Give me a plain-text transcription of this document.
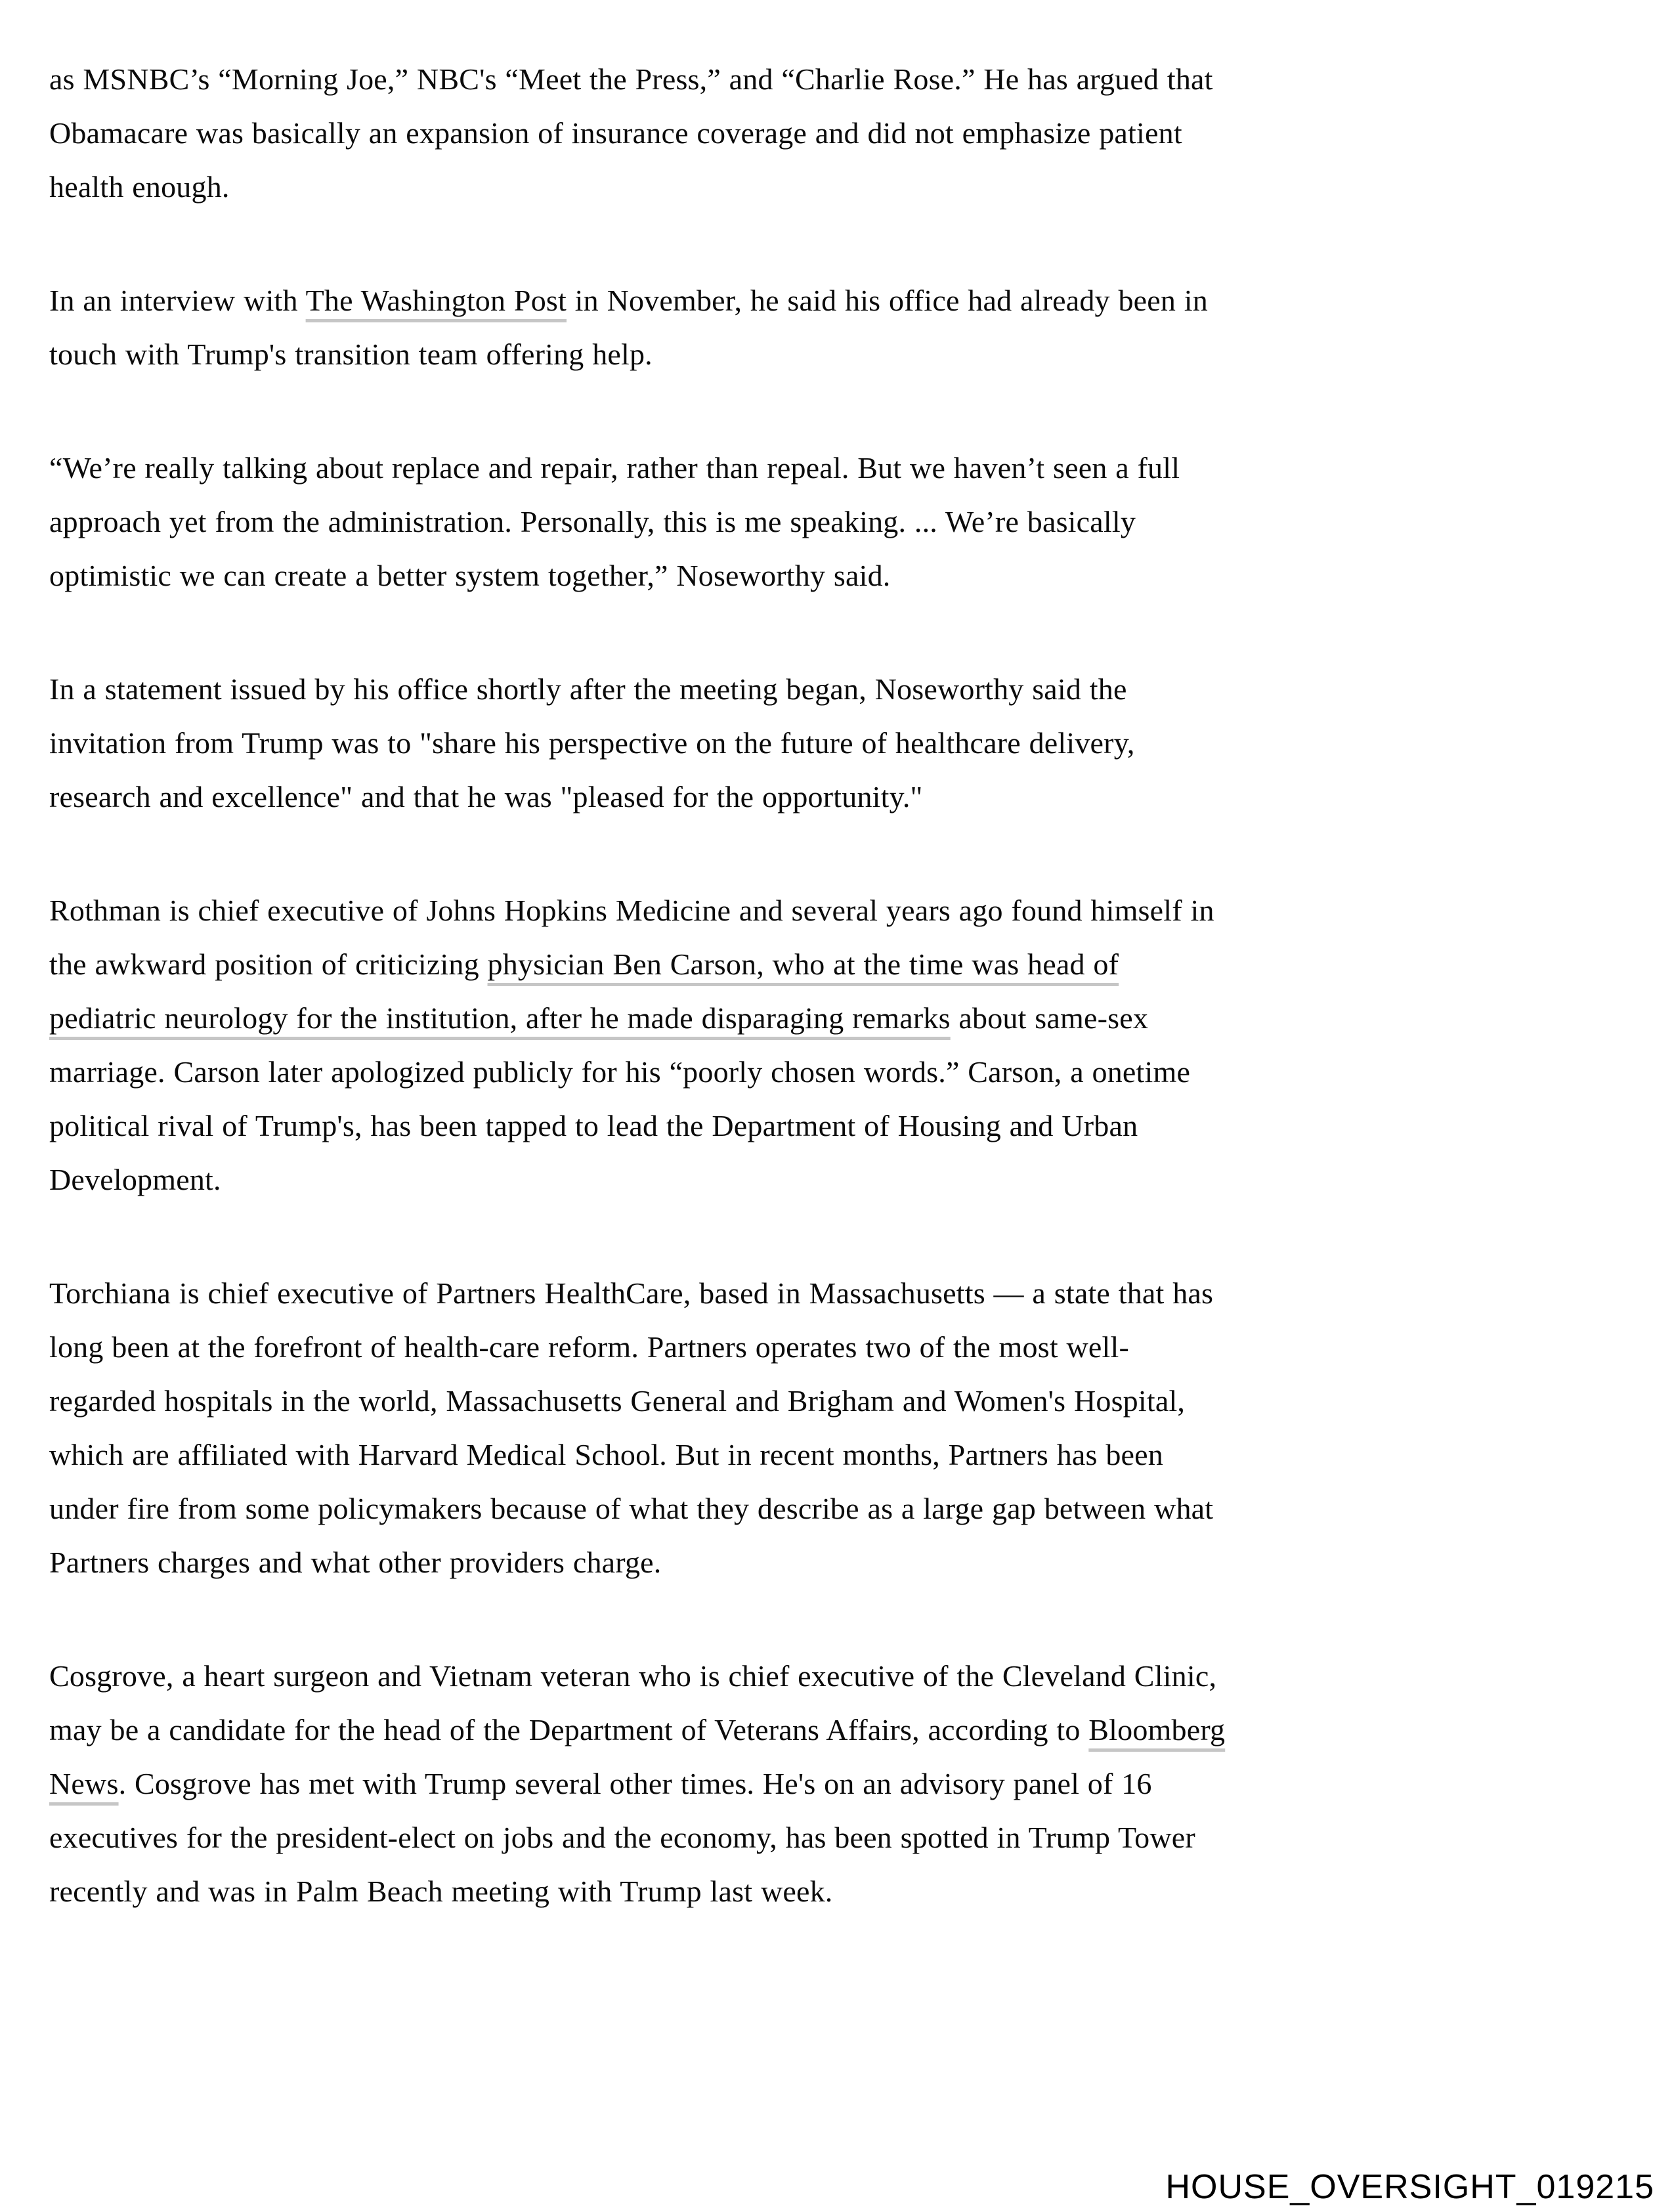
as MSNBC’s “Morning Joe,” NBC's “Meet the Press,” and “Charlie Rose.” He has argued that Obamacare was basically an expansion of insurance coverage and did not emphasize patient health enough.

In an interview with The Washington Post in November, he said his office had already been in touch with Trump's transition team offering help.

“We’re really talking about replace and repair, rather than repeal. But we haven’t seen a full approach yet from the administration. Personally, this is me speaking. ... We’re basically optimistic we can create a better system together,” Noseworthy said.

In a statement issued by his office shortly after the meeting began, Noseworthy said the invitation from Trump was to "share his perspective on the future of healthcare delivery, research and excellence" and that he was "pleased for the opportunity."

Rothman is chief executive of Johns Hopkins Medicine and several years ago found himself in the awkward position of criticizing physician Ben Carson, who at the time was head of pediatric neurology for the institution, after he made disparaging remarks about same-sex marriage. Carson later apologized publicly for his “poorly chosen words.” Carson, a onetime political rival of Trump's, has been tapped to lead the Department of Housing and Urban Development.

Torchiana is chief executive of Partners HealthCare, based in Massachusetts — a state that has long been at the forefront of health-care reform. Partners operates two of the most well-regarded hospitals in the world, Massachusetts General and Brigham and Women's Hospital, which are affiliated with Harvard Medical School. But in recent months, Partners has been under fire from some policymakers because of what they describe as a large gap between what Partners charges and what other providers charge.

Cosgrove, a heart surgeon and Vietnam veteran who is chief executive of the Cleveland Clinic, may be a candidate for the head of the Department of Veterans Affairs, according to Bloomberg News. Cosgrove has met with Trump several other times. He's on an advisory panel of 16 executives for the president-elect on jobs and the economy, has been spotted in Trump Tower recently and was in Palm Beach meeting with Trump last week.

HOUSE_OVERSIGHT_019215
